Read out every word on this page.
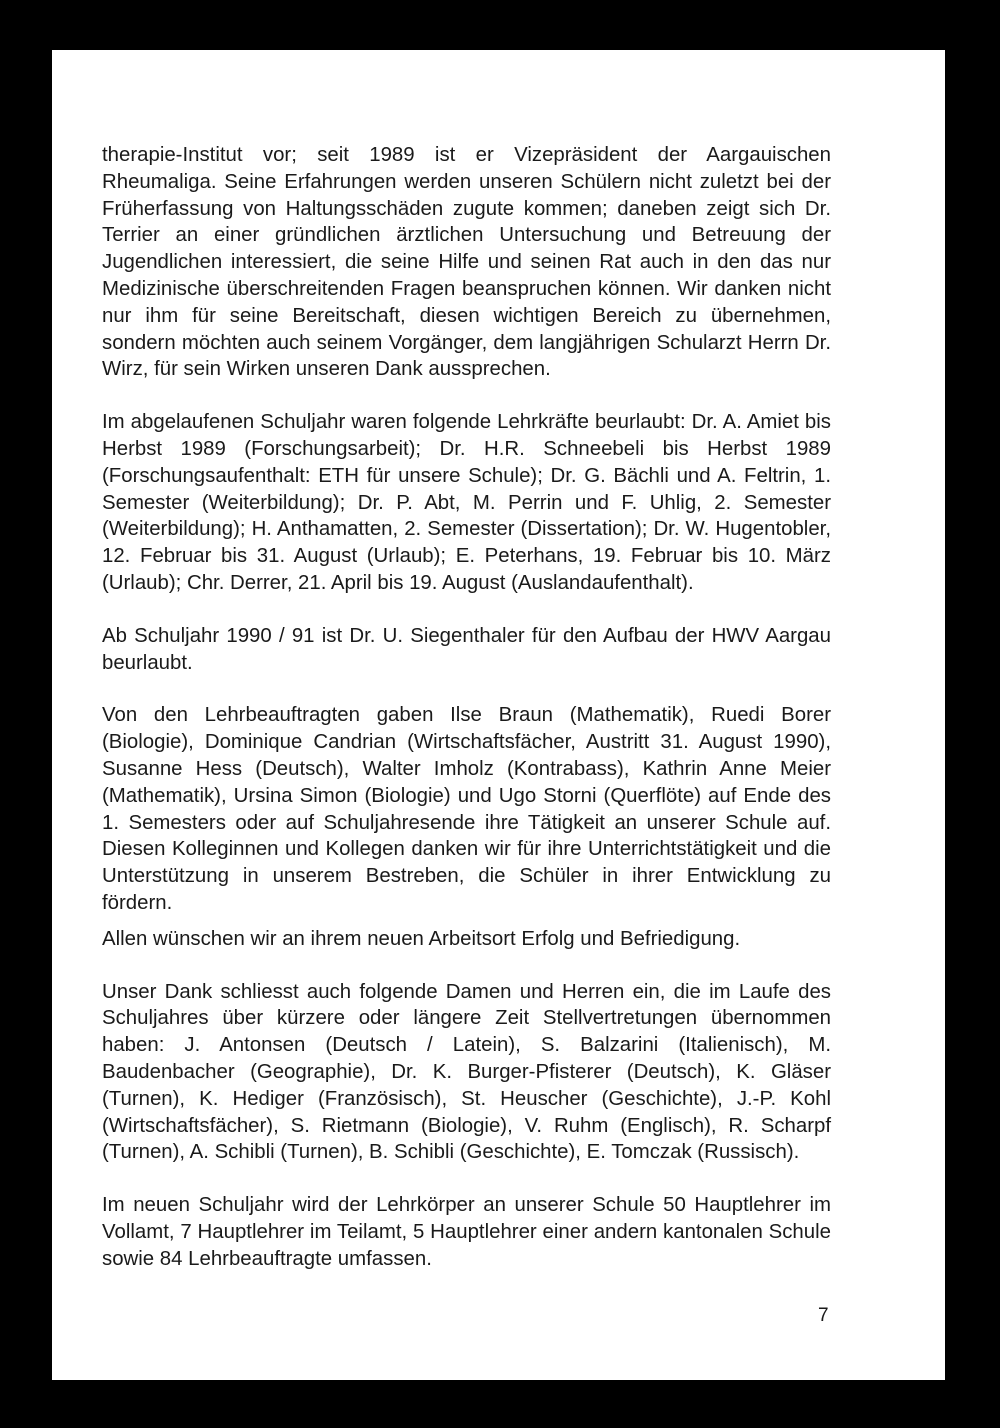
therapie-Institut vor; seit 1989 ist er Vizepräsident der Aargauischen Rheumaliga. Seine Erfahrungen werden unseren Schülern nicht zuletzt bei der Früherfassung von Haltungsschäden zugute kommen; daneben zeigt sich Dr. Terrier an einer gründlichen ärztlichen Untersuchung und Betreuung der Jugendlichen interessiert, die seine Hilfe und seinen Rat auch in den das nur Medizinische überschreitenden Fragen beanspruchen können. Wir danken nicht nur ihm für seine Bereitschaft, diesen wichtigen Bereich zu übernehmen, sondern möchten auch seinem Vorgänger, dem langjährigen Schularzt Herrn Dr. Wirz, für sein Wirken unseren Dank aussprechen.

Im abgelaufenen Schuljahr waren folgende Lehrkräfte beurlaubt: Dr. A. Amiet bis Herbst 1989 (Forschungsarbeit); Dr. H.R. Schneebeli bis Herbst 1989 (Forschungsaufenthalt: ETH für unsere Schule); Dr. G. Bächli und A. Feltrin, 1. Semester (Weiterbildung); Dr. P. Abt, M. Perrin und F. Uhlig, 2. Semester (Weiterbildung); H. Anthamatten, 2. Semester (Dissertation); Dr. W. Hugentobler, 12. Februar bis 31. August (Urlaub); E. Peterhans, 19. Februar bis 10. März (Urlaub); Chr. Derrer, 21. April bis 19. August (Auslandaufenthalt).

Ab Schuljahr 1990 / 91 ist Dr. U. Siegenthaler für den Aufbau der HWV Aargau beurlaubt.

Von den Lehrbeauftragten gaben Ilse Braun (Mathematik), Ruedi Borer (Biologie), Dominique Candrian (Wirtschaftsfächer, Austritt 31. August 1990), Susanne Hess (Deutsch), Walter Imholz (Kontrabass), Kathrin Anne Meier (Mathematik), Ursina Simon (Biologie) und Ugo Storni (Querflöte) auf Ende des 1. Semesters oder auf Schuljahresende ihre Tätigkeit an unserer Schule auf. Diesen Kolleginnen und Kollegen danken wir für ihre Unterrichtstätigkeit und die Unterstützung in unserem Bestreben, die Schüler in ihrer Entwicklung zu fördern.

Allen wünschen wir an ihrem neuen Arbeitsort Erfolg und Befriedigung.

Unser Dank schliesst auch folgende Damen und Herren ein, die im Laufe des Schuljahres über kürzere oder längere Zeit Stellvertretungen übernommen haben: J. Antonsen (Deutsch / Latein), S. Balzarini (Italienisch), M. Baudenbacher (Geographie), Dr. K. Burger-Pfisterer (Deutsch), K. Gläser (Turnen), K. Hediger (Französisch), St. Heuscher (Geschichte), J.-P. Kohl (Wirtschaftsfächer), S. Rietmann (Biologie), V. Ruhm (Englisch), R. Scharpf (Turnen), A. Schibli (Turnen), B. Schibli (Geschichte), E. Tomczak (Russisch).

Im neuen Schuljahr wird der Lehrkörper an unserer Schule 50 Hauptlehrer im Vollamt, 7 Hauptlehrer im Teilamt, 5 Hauptlehrer einer andern kantonalen Schule sowie 84 Lehrbeauftragte umfassen.

7
